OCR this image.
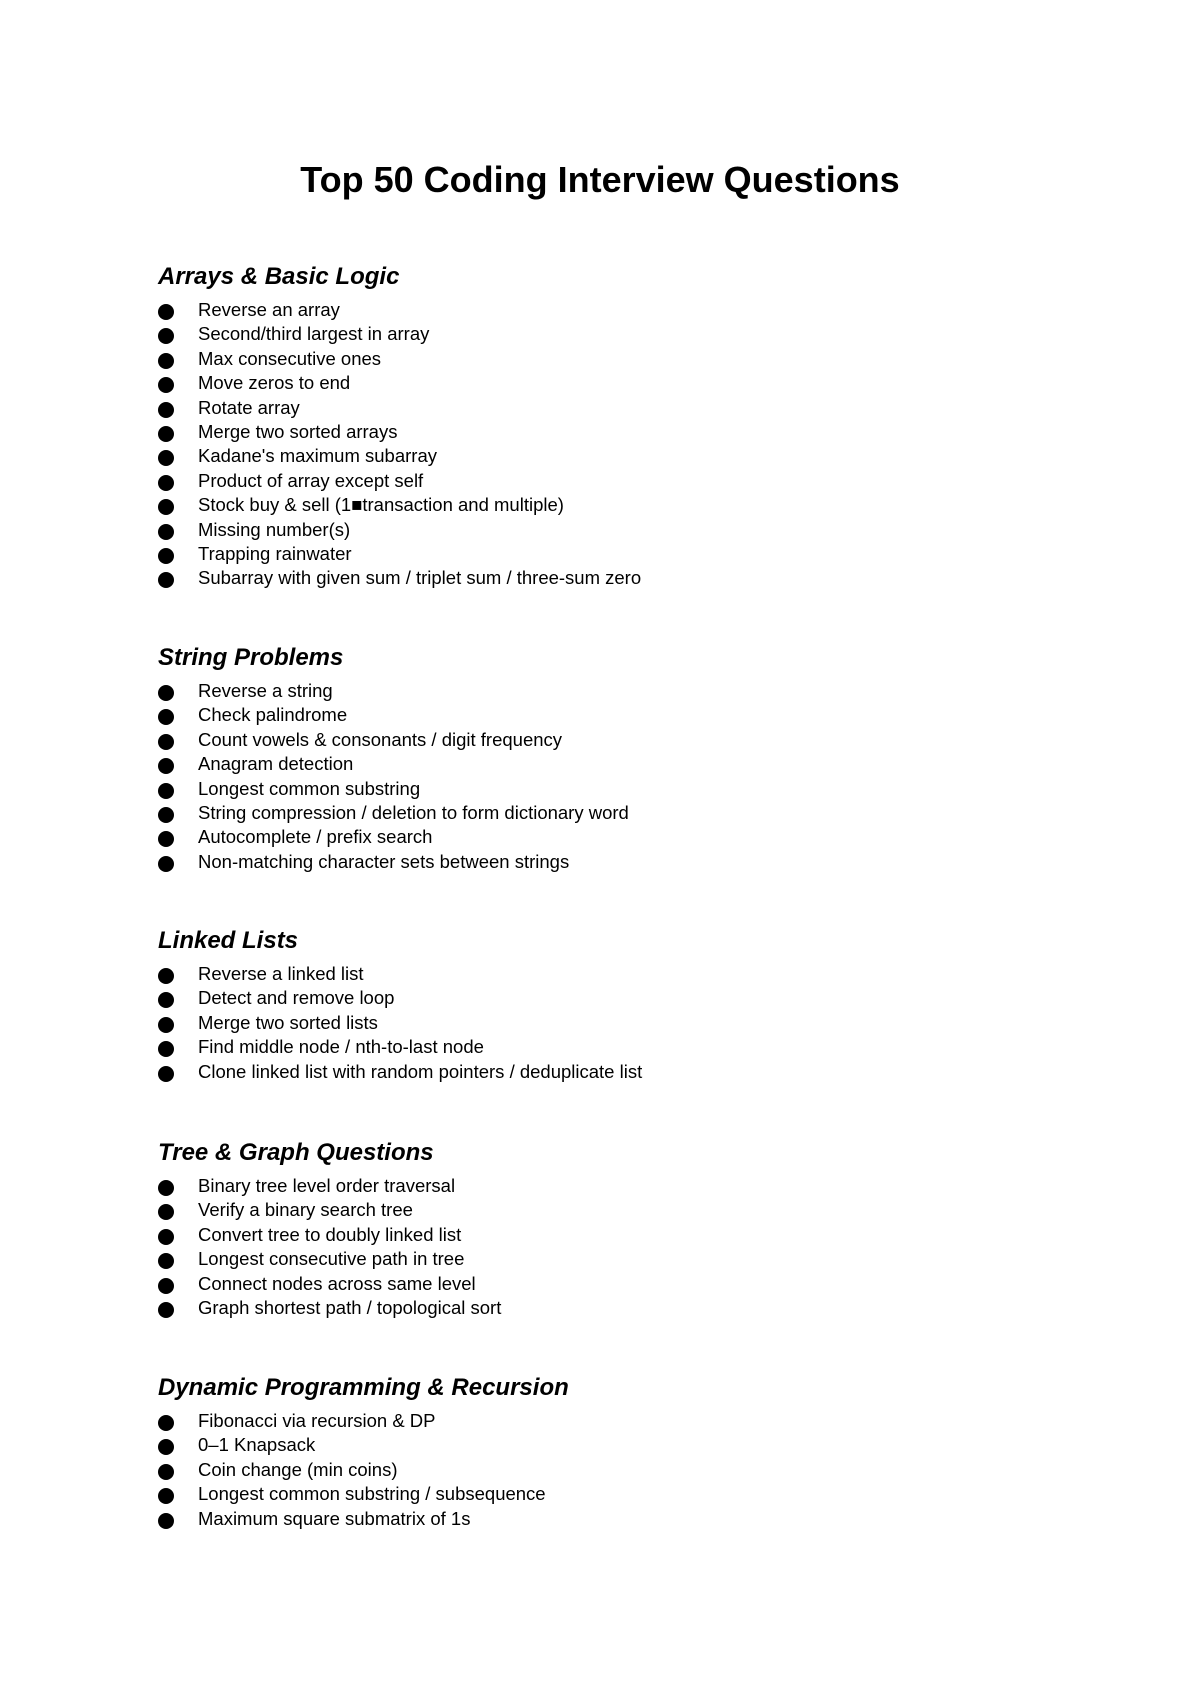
Top 50 Coding Interview Questions
Arrays & Basic Logic
Reverse an array
Second/third largest in array
Max consecutive ones
Move zeros to end
Rotate array
Merge two sorted arrays
Kadane's maximum subarray
Product of array except self
Stock buy & sell (1■transaction and multiple)
Missing number(s)
Trapping rainwater
Subarray with given sum / triplet sum / three-sum zero
String Problems
Reverse a string
Check palindrome
Count vowels & consonants / digit frequency
Anagram detection
Longest common substring
String compression / deletion to form dictionary word
Autocomplete / prefix search
Non-matching character sets between strings
Linked Lists
Reverse a linked list
Detect and remove loop
Merge two sorted lists
Find middle node / nth-to-last node
Clone linked list with random pointers / deduplicate list
Tree & Graph Questions
Binary tree level order traversal
Verify a binary search tree
Convert tree to doubly linked list
Longest consecutive path in tree
Connect nodes across same level
Graph shortest path / topological sort
Dynamic Programming & Recursion
Fibonacci via recursion & DP
0–1 Knapsack
Coin change (min coins)
Longest common substring / subsequence
Maximum square submatrix of 1s
